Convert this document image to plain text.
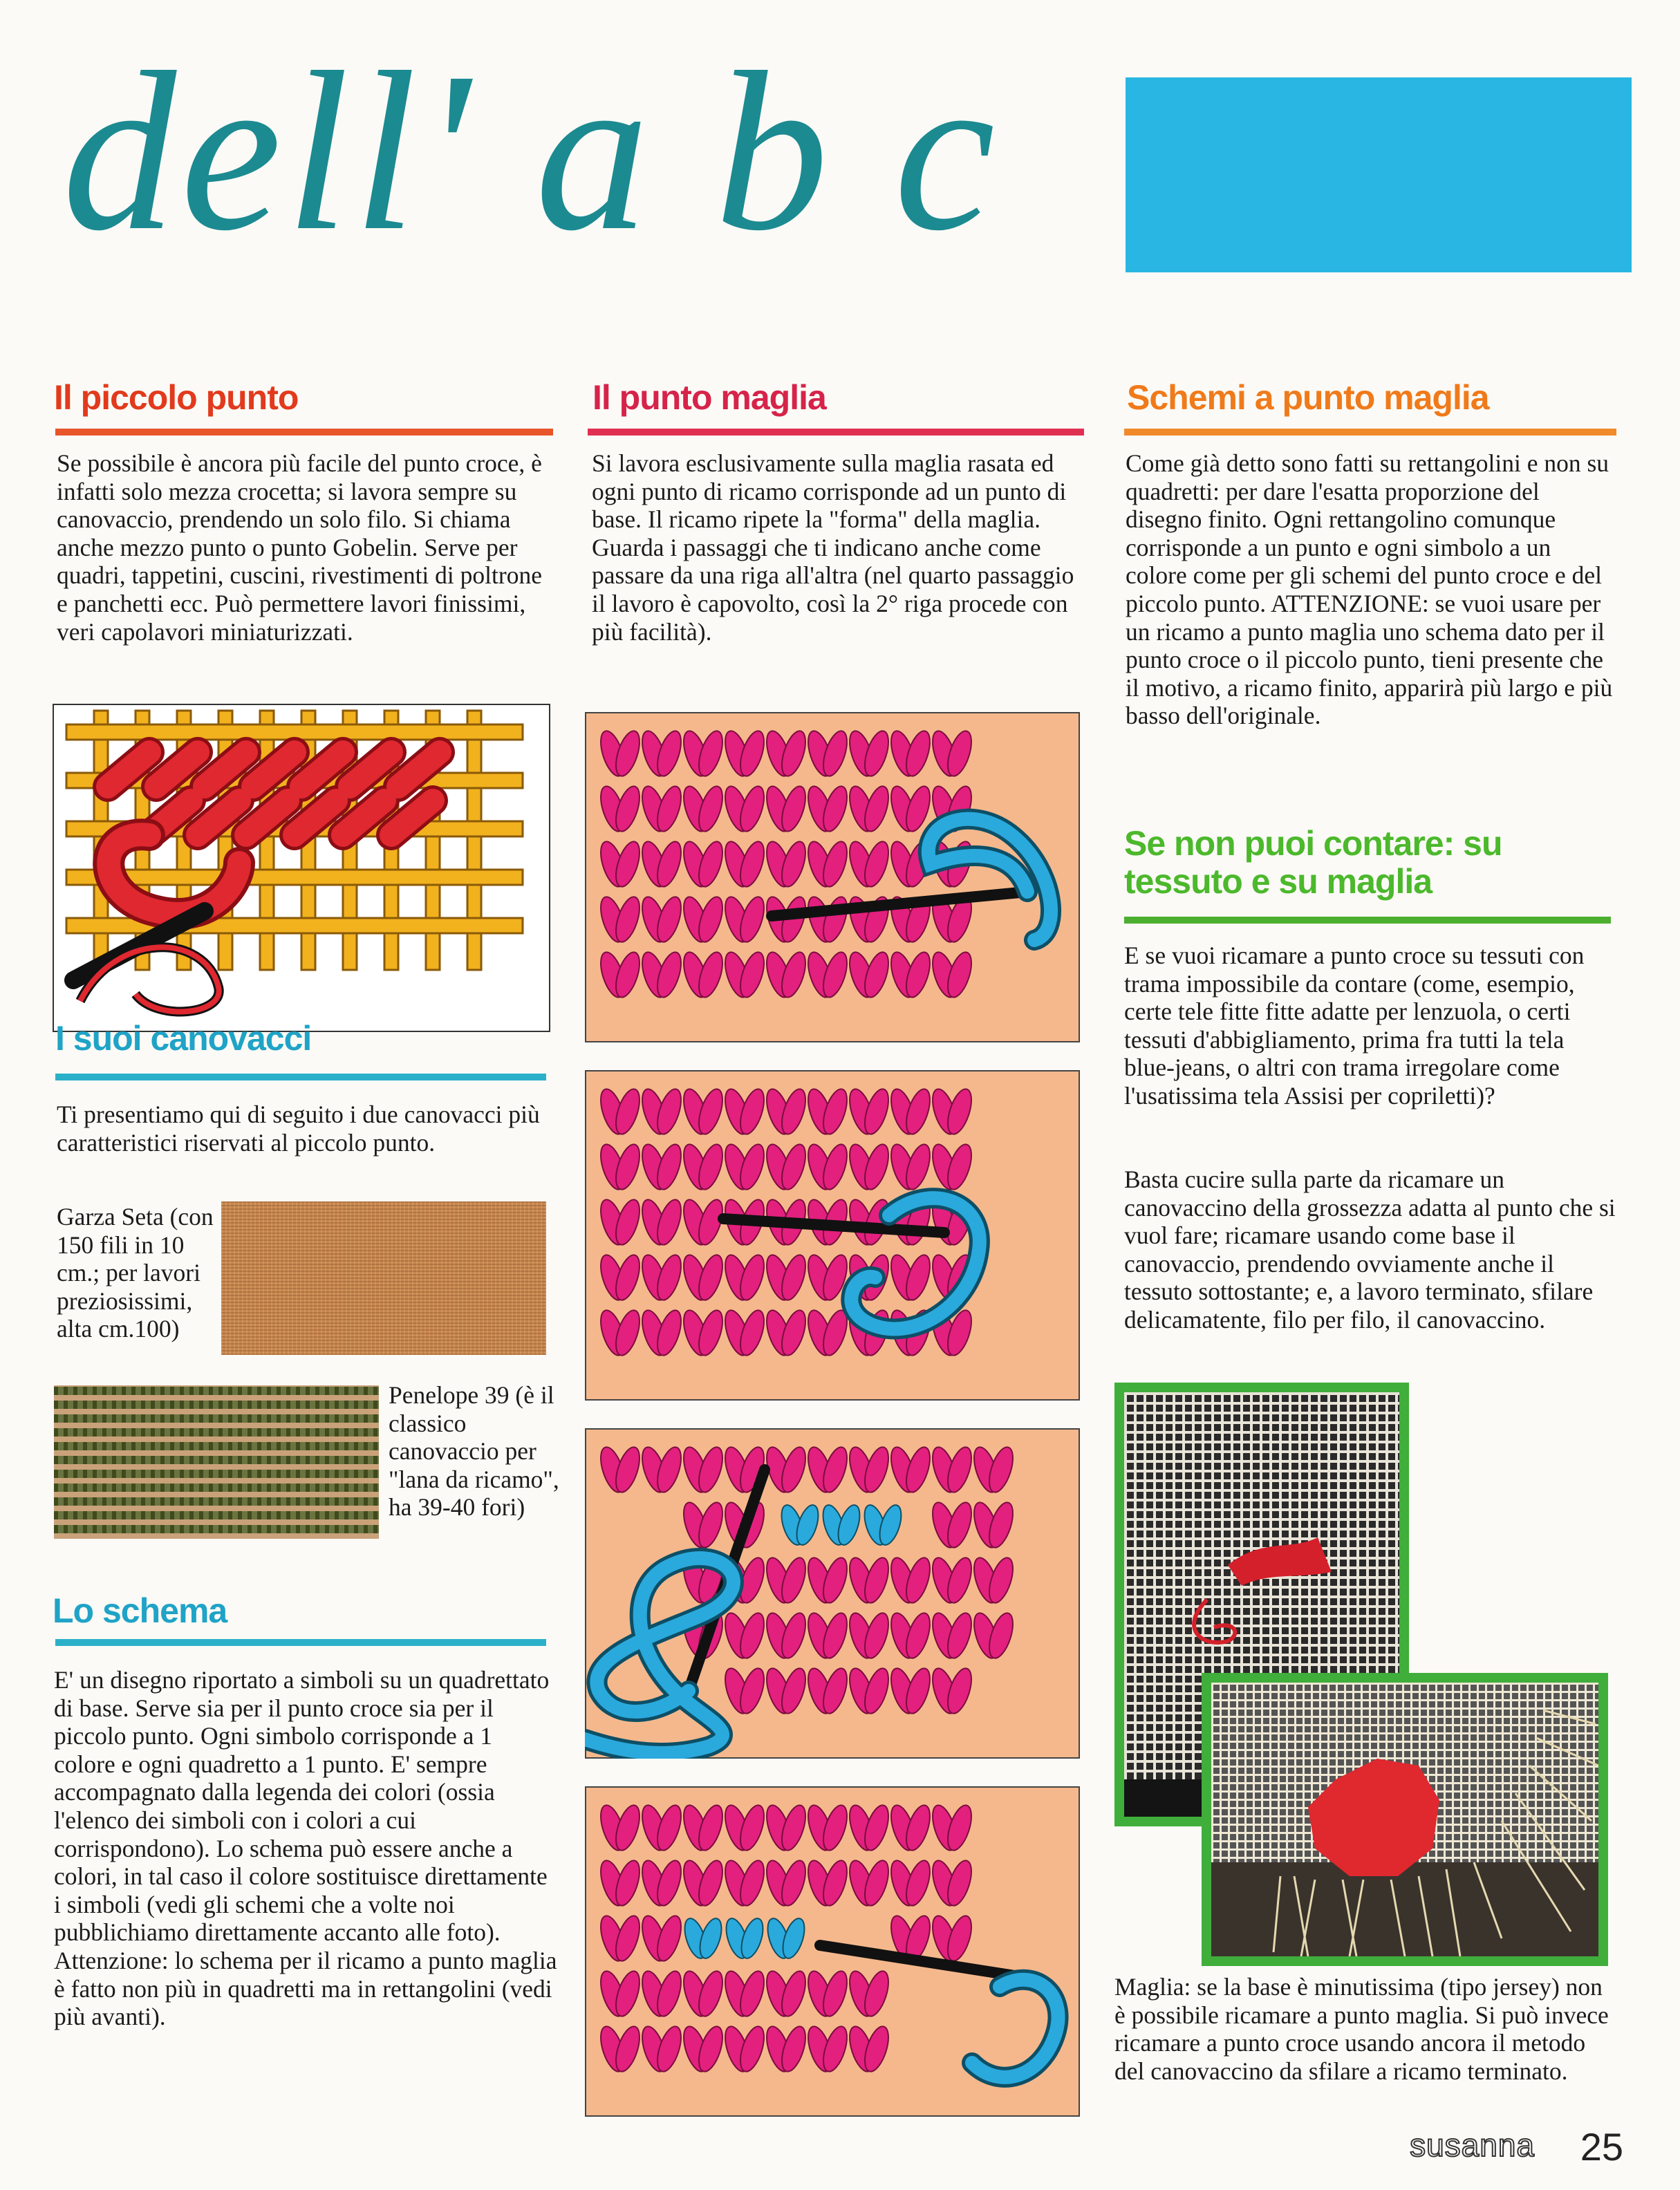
dell' a b c
Il piccolo punto
Se possibile è ancora più facile del punto croce, è infatti solo mezza crocetta; si lavora sempre su canovaccio, prendendo un solo filo. Si chiama anche mezzo punto o punto Gobelin. Serve per quadri, tappetini, cuscini, rivestimenti di poltrone e panchetti ecc. Può permettere lavori finissimi, veri capolavori miniaturizzati.
I suoi canovacci
Ti presentiamo qui di seguito i due canovacci più caratteristici riservati al piccolo punto.
Garza Seta (con 150 fili in 10 cm.; per lavori preziosissimi, alta cm.100)
Penelope 39 (è il classico canovaccio per "lana da ricamo", ha 39-40 fori)
Lo schema
E' un disegno riportato a simboli su un quadrettato di base. Serve sia per il punto croce sia per il piccolo punto. Ogni simbolo corrisponde a 1 colore e ogni quadretto a 1 punto. E' sempre accompagnato dalla legenda dei colori (ossia l'elenco dei simboli con i colori a cui corrispondono). Lo schema può essere anche a colori, in tal caso il colore sostituisce direttamente i simboli (vedi gli schemi che a volte noi pubblichiamo direttamente accanto alle foto). Attenzione: lo schema per il ricamo a punto maglia è fatto non più in quadretti ma in rettangolini (vedi più avanti).
Il punto maglia
Si lavora esclusivamente sulla maglia rasata ed ogni punto di ricamo corrisponde ad un punto di base. Il ricamo ripete la "forma" della maglia. Guarda i passaggi che ti indicano anche come passare da una riga all'altra (nel quarto passaggio il lavoro è capovolto, così la 2° riga procede con più facilità).
Schemi a punto maglia
Come già detto sono fatti su rettangolini e non su quadretti: per dare l'esatta proporzione del disegno finito. Ogni rettangolino comunque corrisponde a un punto e ogni simbolo a un colore come per gli schemi del punto croce e del piccolo punto. ATTENZIONE: se vuoi usare per un ricamo a punto maglia uno schema dato per il punto croce o il piccolo punto, tieni presente che il motivo, a ricamo finito, apparirà più largo e più basso dell'originale.
Se non puoi contare: su tessuto e su maglia
E se vuoi ricamare a punto croce su tessuti con trama impossibile da contare (come, esempio, certe tele fitte fitte adatte per lenzuola, o certi tessuti d'abbigliamento, prima fra tutti la tela blue-jeans, o altri con trama irregolare come l'usatissima tela Assisi per copriletti)?
Basta cucire sulla parte da ricamare un canovaccino della grossezza adatta al punto che si vuol fare; ricamare usando come base il canovaccio, prendendo ovviamente anche il tessuto sottostante; e, a lavoro terminato, sfilare delicamatente, filo per filo, il canovaccino.
Maglia: se la base è minutissima (tipo jersey) non è possibile ricamare a punto maglia. Si può invece ricamare a punto croce usando ancora il metodo del canovaccino da sfilare a ricamo terminato.
susanna 25
